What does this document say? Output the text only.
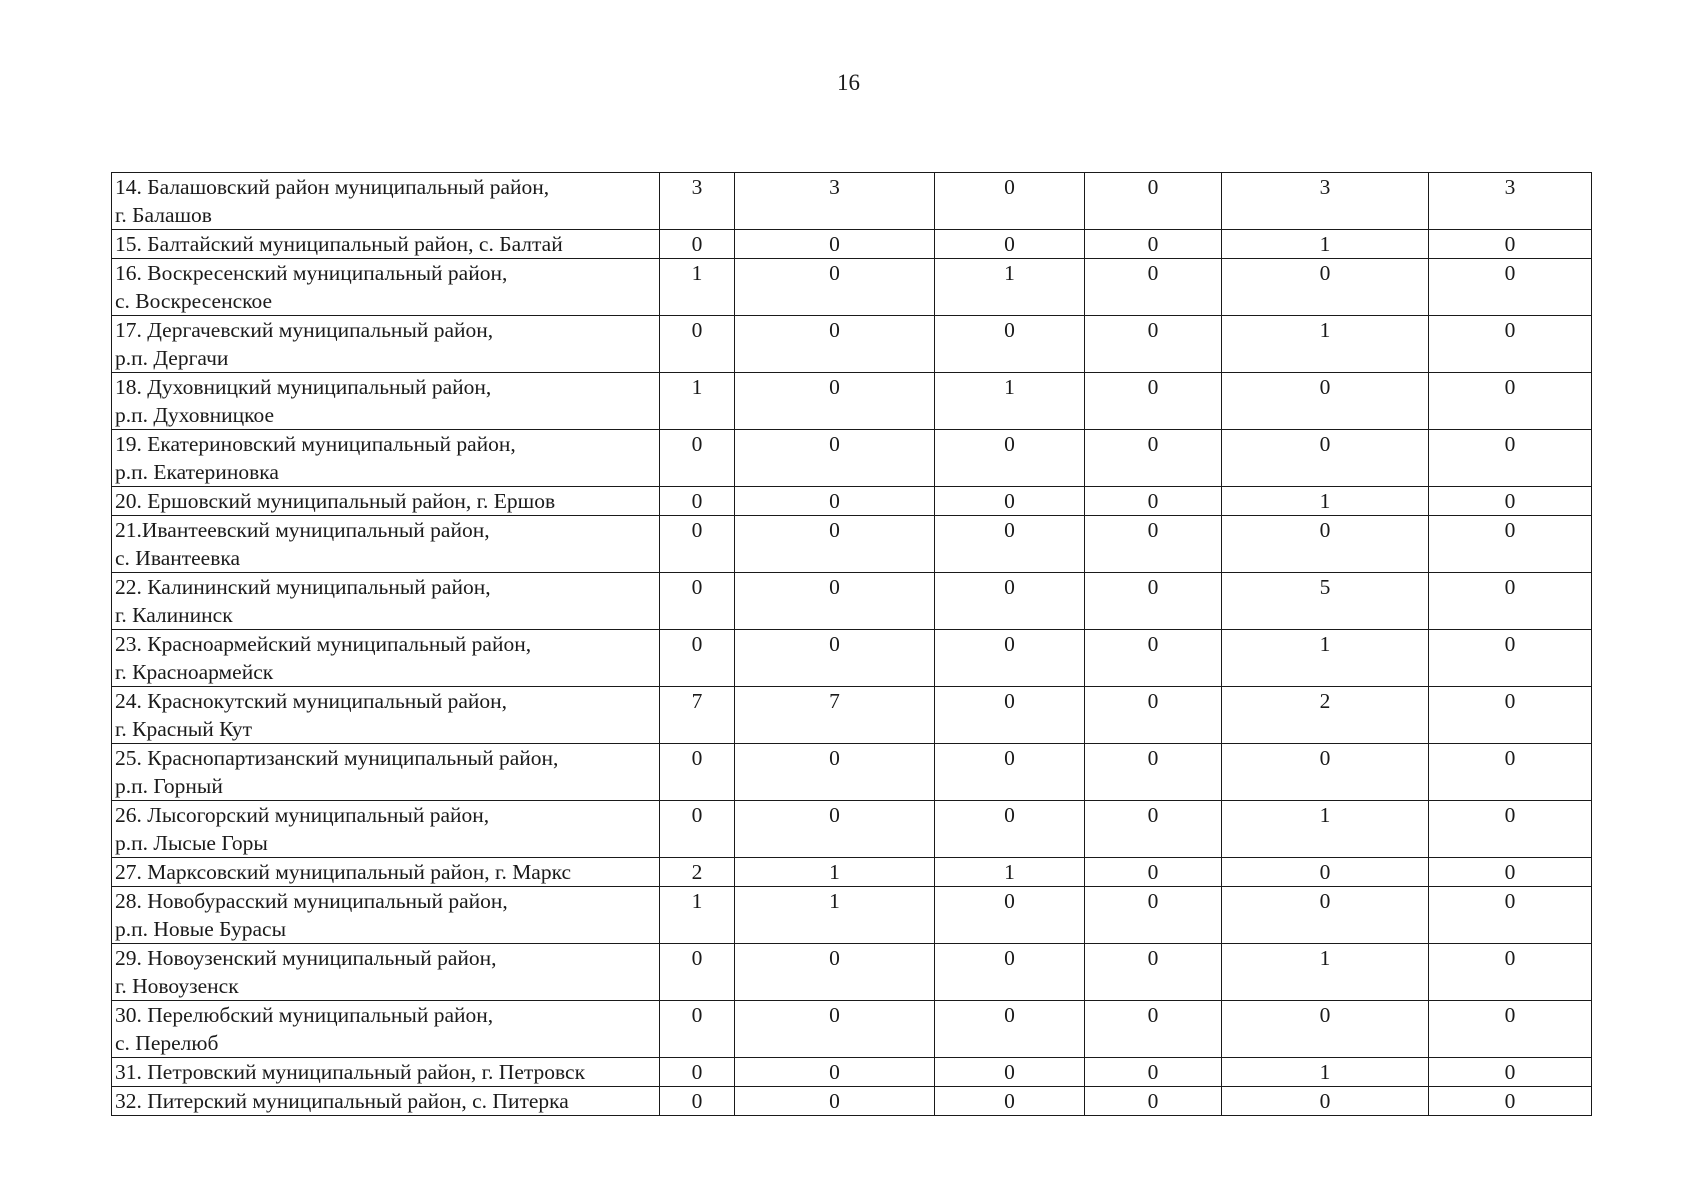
16
14. Балашовский район муниципальный район,
г. Балашов	3	3	0	0	3	3

15. Балтайский муниципальный район, с. Балтай	0	0	0	0	1	0

16. Воскресенский муниципальный район,
с. Воскресенское	1	0	1	0	0	0

17. Дергачевский муниципальный район,
р.п. Дергачи	0	0	0	0	1	0

18. Духовницкий муниципальный район,
р.п. Духовницкое	1	0	1	0	0	0

19. Екатериновский муниципальный район,
р.п. Екатериновка	0	0	0	0	0	0

20. Ершовский муниципальный район, г. Ершов	0	0	0	0	1	0

21.Ивантеевский муниципальный район,
с. Ивантеевка	0	0	0	0	0	0

22. Калининский муниципальный район,
г. Калининск	0	0	0	0	5	0

23. Красноармейский муниципальный район,
г. Красноармейск	0	0	0	0	1	0

24. Краснокутский муниципальный район,
г. Красный Кут	7	7	0	0	2	0

25. Краснопартизанский муниципальный район,
р.п. Горный	0	0	0	0	0	0

26. Лысогорский муниципальный район,
р.п. Лысые Горы	0	0	0	0	1	0

27. Марксовский муниципальный район, г. Маркс	2	1	1	0	0	0

28. Новобурасский муниципальный район,
р.п. Новые Бурасы	1	1	0	0	0	0

29. Новоузенский муниципальный район,
г. Новоузенск	0	0	0	0	1	0

30. Перелюбский муниципальный район,
с. Перелюб	0	0	0	0	0	0

31. Петровский муниципальный район, г. Петровск	0	0	0	0	1	0

32. Питерский муниципальный район, с. Питерка	0	0	0	0	0	0
